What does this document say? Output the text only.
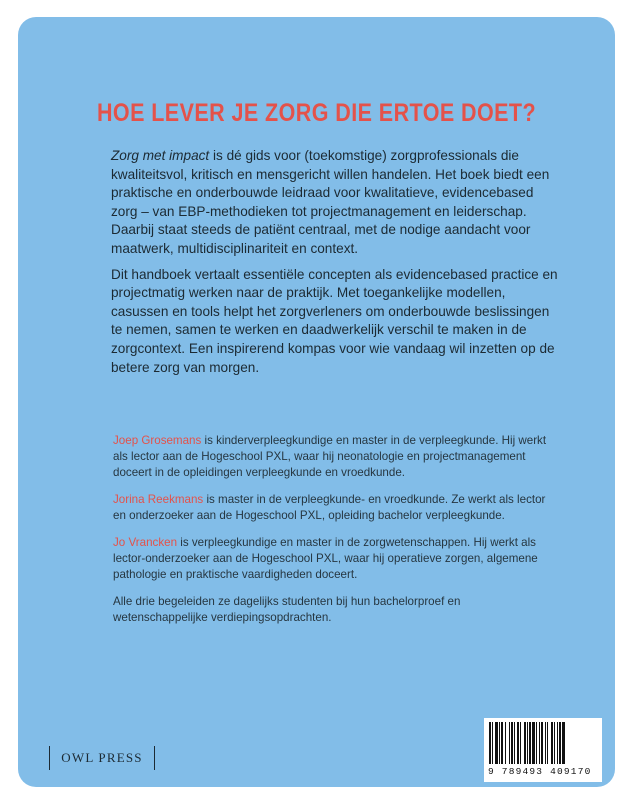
HOE LEVER JE ZORG DIE ERTOE DOET?

Zorg met impact is dé gids voor (toekomstige) zorgprofessionals die kwaliteitsvol, kritisch en mensgericht willen handelen. Het boek biedt een praktische en onderbouwde leidraad voor kwalitatieve, evidencebased zorg – van EBP-methodieken tot projectmanagement en leiderschap. Daarbij staat steeds de patiënt centraal, met de nodige aandacht voor maatwerk, multidisciplinariteit en context.

Dit handboek vertaalt essentiële concepten als evidencebased practice en projectmatig werken naar de praktijk. Met toegankelijke modellen, casussen en tools helpt het zorgverleners om onderbouwde beslissingen te nemen, samen te werken en daadwerkelijk verschil te maken in de zorgcontext. Een inspirerend kompas voor wie vandaag wil inzetten op de betere zorg van morgen.

Joep Grosemans is kinderverpleegkundige en master in de verpleegkunde. Hij werkt als lector aan de Hogeschool PXL, waar hij neonatologie en projectmanagement doceert in de opleidingen verpleegkunde en vroedkunde.

Jorina Reekmans is master in de verpleegkunde- en vroedkunde. Ze werkt als lector en onderzoeker aan de Hogeschool PXL, opleiding bachelor verpleegkunde.

Jo Vrancken is verpleegkundige en master in de zorgwetenschappen. Hij werkt als lector-onderzoeker aan de Hogeschool PXL, waar hij operatieve zorgen, algemene pathologie en praktische vaardigheden doceert.

Alle drie begeleiden ze dagelijks studenten bij hun bachelorproef en wetenschappelijke verdiepingsopdrachten.

OWL PRESS
9 789493 409170
